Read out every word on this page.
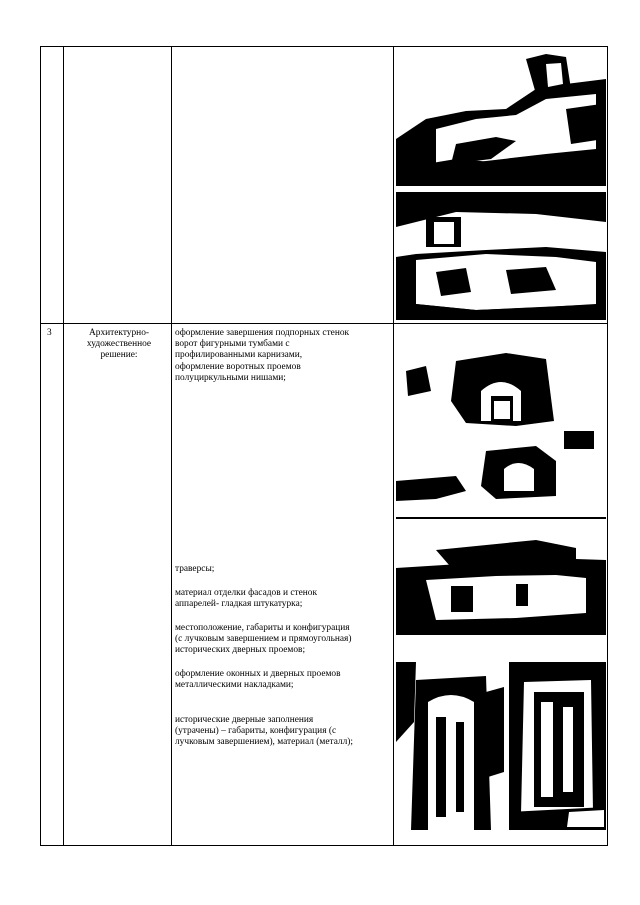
3	Архитектурно-
художественное
решение:
оформление завершения подпорных стенок
ворот фигурными тумбами с
профилированными карнизами,
оформление воротных проемов
полуциркульными нишами;
траверсы;
материал отделки фасадов и стенок
аппарелей- гладкая штукатурка;
местоположение, габариты и конфигурация
(с лучковым завершением и прямоугольная)
исторических дверных проемов;
оформление оконных и дверных проемов
металлическими накладками;
исторические дверные заполнения
(утрачены) – габариты, конфигурация (с
лучковым завершением), материал (металл);
